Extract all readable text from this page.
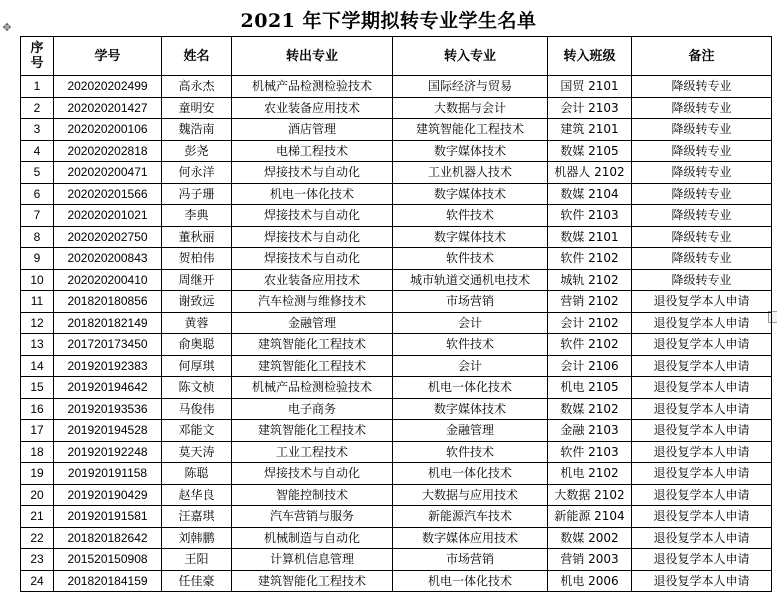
2021 年下学期拟转专业学生名单
✥
序
号	学号	姓名	转出专业	转入专业	转入班级	备注
1	202020202499	高永杰	机械产品检测检验技术	国际经济与贸易	国贸 2101	降级转专业
2	202020201427	童明安	农业装备应用技术	大数据与会计	会计 2103	降级转专业
3	202020200106	魏浩南	酒店管理	建筑智能化工程技术	建筑 2101	降级转专业
4	202020202818	彭尧	电梯工程技术	数字媒体技术	数媒 2105	降级转专业
5	202020200471	何永洋	焊接技术与自动化	工业机器人技术	机器人 2102	降级转专业
6	202020201566	冯子珊	机电一体化技术	数字媒体技术	数媒 2104	降级转专业
7	202020201021	李典	焊接技术与自动化	软件技术	软件 2103	降级转专业
8	202020202750	董秋丽	焊接技术与自动化	数字媒体技术	数媒 2101	降级转专业
9	202020200843	贺柏伟	焊接技术与自动化	软件技术	软件 2102	降级转专业
10	202020200410	周继开	农业装备应用技术	城市轨道交通机电技术	城轨 2102	降级转专业
11	201820180856	谢致远	汽车检测与维修技术	市场营销	营销 2102	退役复学本人申请
12	201820182149	黄蓉	金融管理	会计	会计 2102	退役复学本人申请
13	201720173450	俞奥聪	建筑智能化工程技术	软件技术	软件 2102	退役复学本人申请
14	201920192383	何厚琪	建筑智能化工程技术	会计	会计 2106	退役复学本人申请
15	201920194642	陈文桢	机械产品检测检验技术	机电一体化技术	机电 2105	退役复学本人申请
16	201920193536	马俊伟	电子商务	数字媒体技术	数媒 2102	退役复学本人申请
17	201920194528	邓能文	建筑智能化工程技术	金融管理	金融 2103	退役复学本人申请
18	201920192248	莫天涛	工业工程技术	软件技术	软件 2103	退役复学本人申请
19	201920191158	陈聪	焊接技术与自动化	机电一体化技术	机电 2102	退役复学本人申请
20	201920190429	赵华良	智能控制技术	大数据与应用技术	大数据 2102	退役复学本人申请
21	201920191581	汪嘉琪	汽车营销与服务	新能源汽车技术	新能源 2104	退役复学本人申请
22	201820182642	刘韩鹏	机械制造与自动化	数字媒体应用技术	数媒 2002	退役复学本人申请
23	201520150908	王阳	计算机信息管理	市场营销	营销 2003	退役复学本人申请
24	201820184159	任佳豪	建筑智能化工程技术	机电一体化技术	机电 2006	退役复学本人申请
